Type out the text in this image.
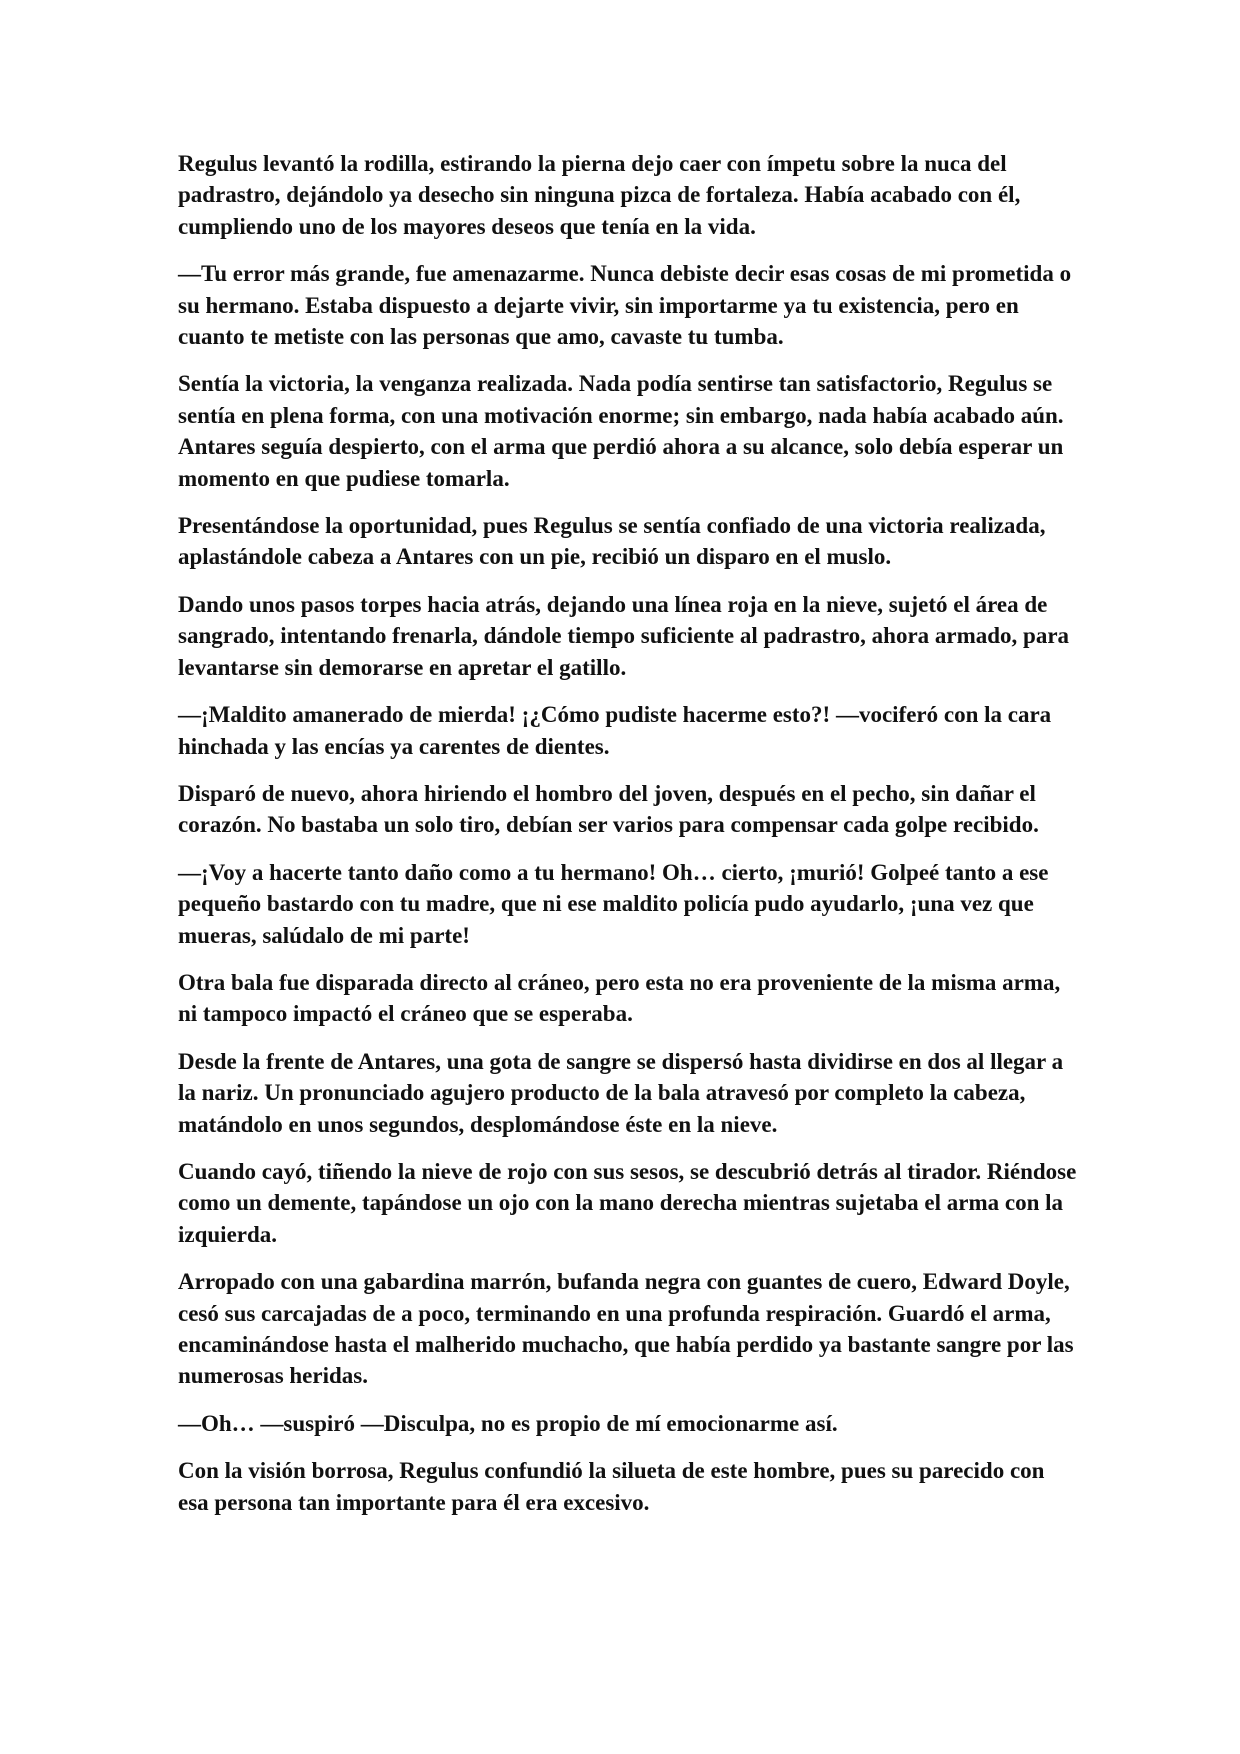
Regulus levantó la rodilla, estirando la pierna dejo caer con ímpetu sobre la nuca del padrastro, dejándolo ya desecho sin ninguna pizca de fortaleza. Había acabado con él, cumpliendo uno de los mayores deseos que tenía en la vida.

—Tu error más grande, fue amenazarme. Nunca debiste decir esas cosas de mi prometida o su hermano. Estaba dispuesto a dejarte vivir, sin importarme ya tu existencia, pero en cuanto te metiste con las personas que amo, cavaste tu tumba.

Sentía la victoria, la venganza realizada. Nada podía sentirse tan satisfactorio, Regulus se sentía en plena forma, con una motivación enorme; sin embargo, nada había acabado aún. Antares seguía despierto, con el arma que perdió ahora a su alcance, solo debía esperar un momento en que pudiese tomarla.

Presentándose la oportunidad, pues Regulus se sentía confiado de una victoria realizada, aplastándole cabeza a Antares con un pie, recibió un disparo en el muslo.

Dando unos pasos torpes hacia atrás, dejando una línea roja en la nieve, sujetó el área de sangrado, intentando frenarla, dándole tiempo suficiente al padrastro, ahora armado, para levantarse sin demorarse en apretar el gatillo.

—¡Maldito amanerado de mierda! ¡¿Cómo pudiste hacerme esto?! —vociferó con la cara hinchada y las encías ya carentes de dientes.

Disparó de nuevo, ahora hiriendo el hombro del joven, después en el pecho, sin dañar el corazón. No bastaba un solo tiro, debían ser varios para compensar cada golpe recibido.

—¡Voy a hacerte tanto daño como a tu hermano! Oh… cierto, ¡murió! Golpeé tanto a ese pequeño bastardo con tu madre, que ni ese maldito policía pudo ayudarlo, ¡una vez que mueras, salúdalo de mi parte!

Otra bala fue disparada directo al cráneo, pero esta no era proveniente de la misma arma, ni tampoco impactó el cráneo que se esperaba.

Desde la frente de Antares, una gota de sangre se dispersó hasta dividirse en dos al llegar a la nariz. Un pronunciado agujero producto de la bala atravesó por completo la cabeza, matándolo en unos segundos, desplomándose éste en la nieve.

Cuando cayó, tiñendo la nieve de rojo con sus sesos, se descubrió detrás al tirador. Riéndose como un demente, tapándose un ojo con la mano derecha mientras sujetaba el arma con la izquierda.

Arropado con una gabardina marrón, bufanda negra con guantes de cuero, Edward Doyle, cesó sus carcajadas de a poco, terminando en una profunda respiración. Guardó el arma, encaminándose hasta el malherido muchacho, que había perdido ya bastante sangre por las numerosas heridas.

—Oh… —suspiró —Disculpa, no es propio de mí emocionarme así.

Con la visión borrosa, Regulus confundió la silueta de este hombre, pues su parecido con esa persona tan importante para él era excesivo.
